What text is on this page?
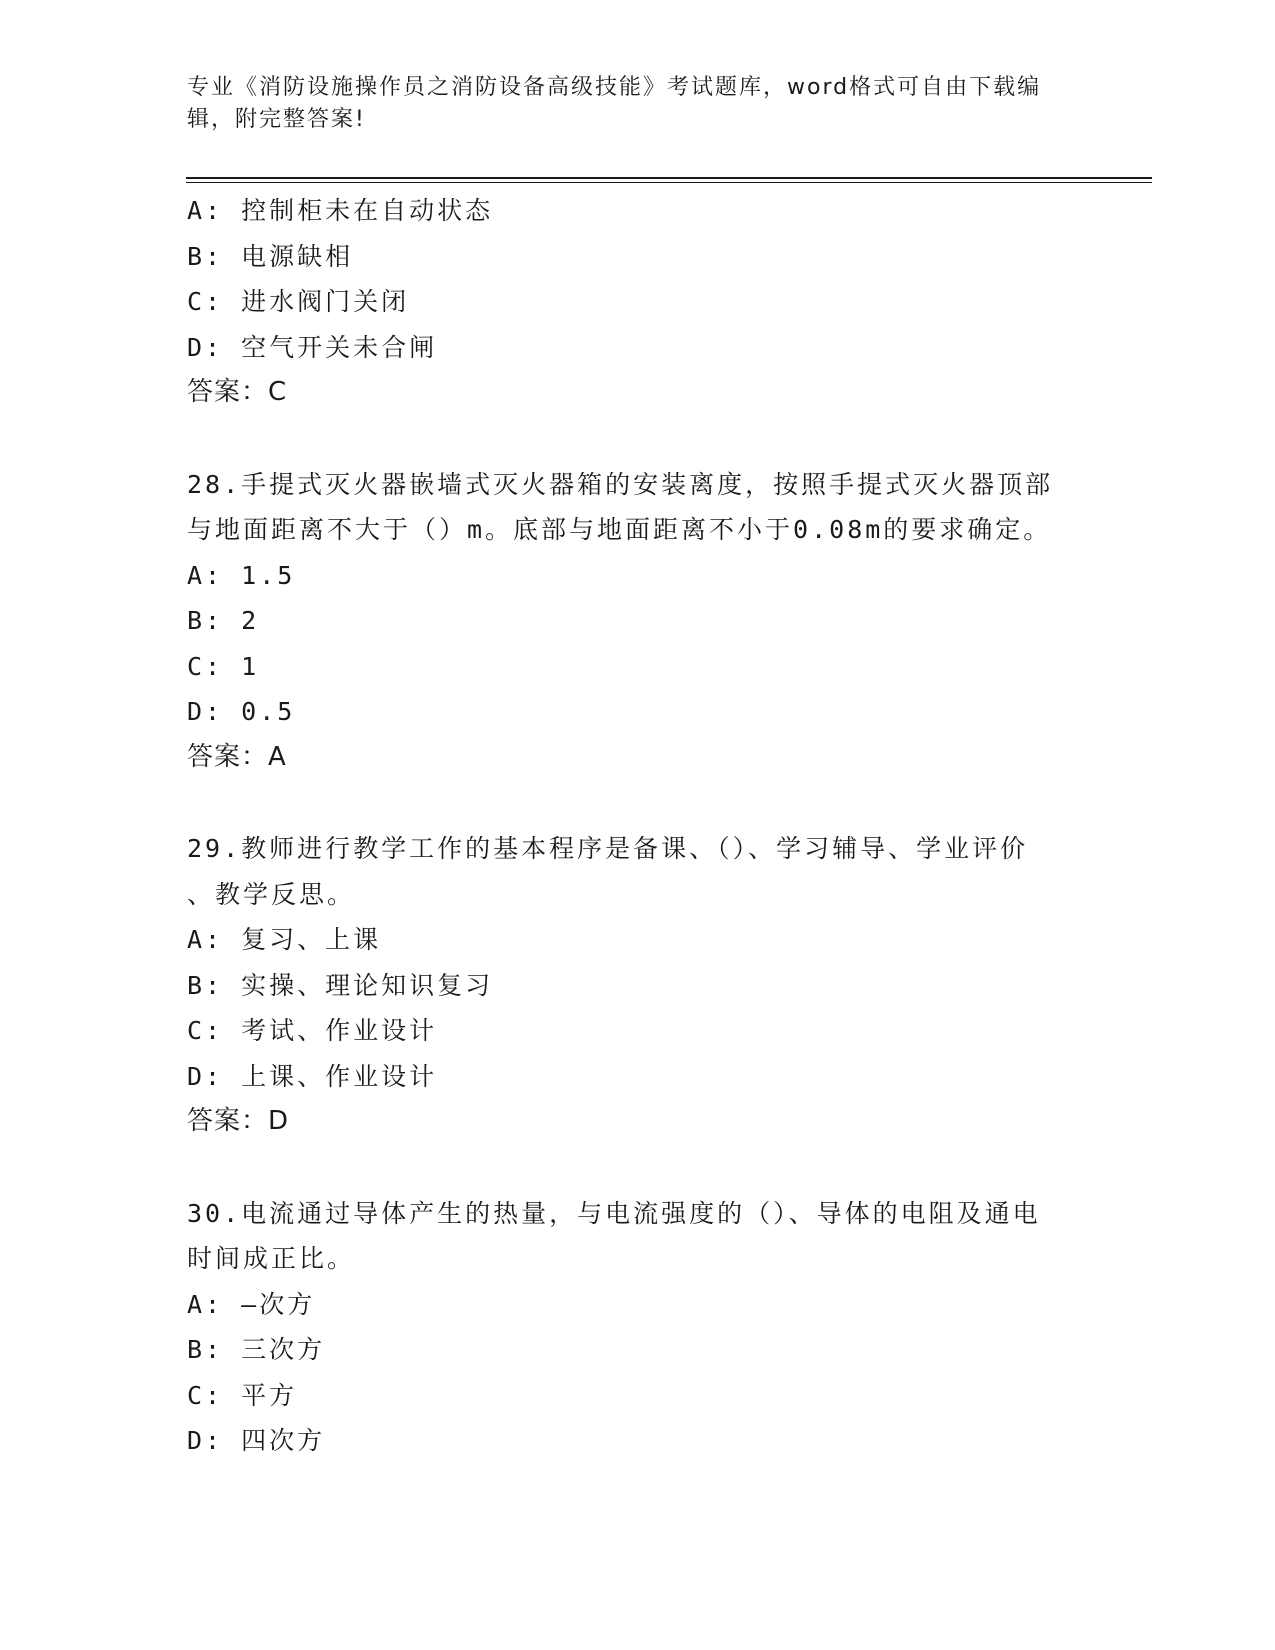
专业《消防设施操作员之消防设备高级技能》考试题库，word格式可自由下载编
辑，附完整答案!
A: 控制柜未在自动状态
B: 电源缺相
C: 进水阀门关闭
D: 空气开关未合闸
答案：C
28.手提式灭火器嵌墙式灭火器箱的安装离度，按照手提式灭火器顶部
与地面距离不大于（）m。底部与地面距离不小于0.08m的要求确定。
A: 1.5
B: 2
C: 1
D: 0.5
答案：A
29.教师进行教学工作的基本程序是备课、（）、学习辅导、学业评价
、教学反思。
A: 复习、上课
B: 实操、理论知识复习
C: 考试、作业设计
D: 上课、作业设计
答案：D
30.电流通过导体产生的热量，与电流强度的（）、导体的电阻及通电
时间成正比。
A: —次方
B: 三次方
C: 平方
D: 四次方
